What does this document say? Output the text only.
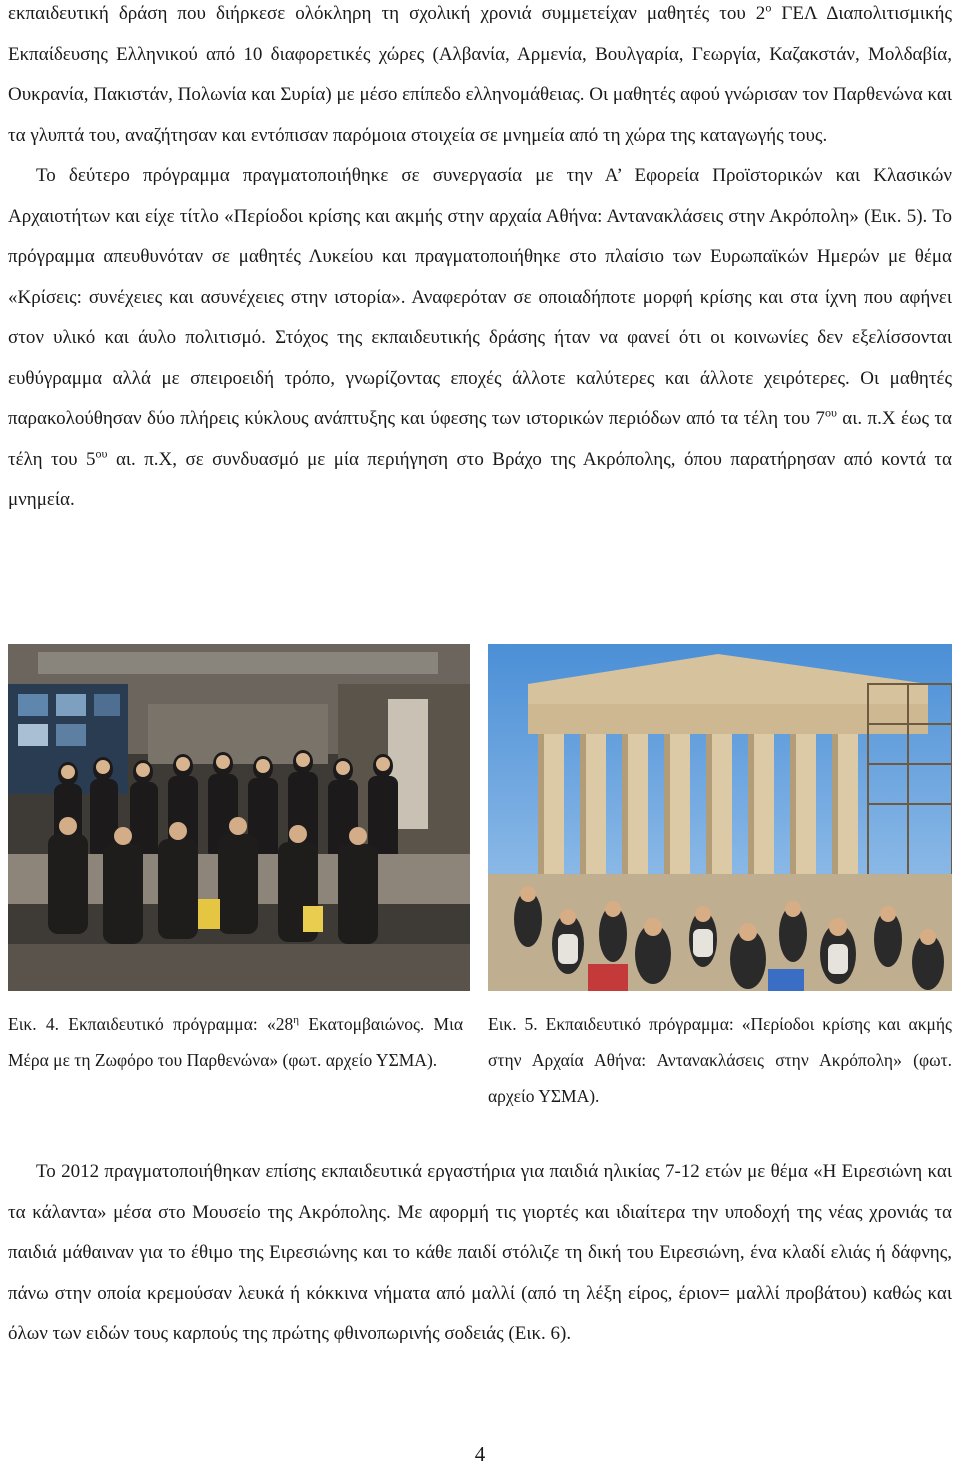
εκπαιδευτική δράση που διήρκεσε ολόκληρη τη σχολική χρονιά συμμετείχαν μαθητές του $2^o$ ΓΕΛ Διαπολιτισμικής Εκπαίδευσης Ελληνικού από 10 διαφορετικές χώρες (Αλβανία, Αρμενία, Βουλγαρία, Γεωργία, Καζακστάν, Μολδαβία, Ουκρανία, Πακιστάν, Πολωνία και Συρία) με μέσο επίπεδο ελληνομάθειας. Οι μαθητές αφού γνώρισαν τον Παρθενώνα και τα γλυπτά του, αναζήτησαν και εντόπισαν παρόμοια στοιχεία σε μνημεία από τη χώρα της καταγωγής τους.
Το δεύτερο πρόγραμμα πραγματοποιήθηκε σε συνεργασία με την Α’ Εφορεία Προϊστορικών και Κλασικών Αρχαιοτήτων και είχε τίτλο «Περίοδοι κρίσης και ακμής στην αρχαία Αθήνα: Αντανακλάσεις στην Ακρόπολη» (Εικ. 5). Το πρόγραμμα απευθυνόταν σε μαθητές Λυκείου και πραγματοποιήθηκε στο πλαίσιο των Ευρωπαϊκών Ημερών με θέμα «Κρίσεις: συνέχειες και ασυνέχειες στην ιστορία». Αναφερόταν σε οποιαδήποτε μορφή κρίσης και στα ίχνη που αφήνει στον υλικό και άυλο πολιτισμό. Στόχος της εκπαιδευτικής δράσης ήταν να φανεί ότι οι κοινωνίες δεν εξελίσσονται ευθύγραμμα αλλά με σπειροειδή τρόπο, γνωρίζοντας εποχές άλλοτε καλύτερες και άλλοτε χειρότερες. Οι μαθητές παρακολούθησαν δύο πλήρεις κύκλους ανάπτυξης και ύφεσης των ιστορικών περιόδων από τα τέλη του $7^{o\upsilon}$ αι. π.Χ έως τα τέλη του $5^{o\upsilon}$ αι. π.Χ, σε συνδυασμό με μία περιήγηση στο Βράχο της Ακρόπολης, όπου παρατήρησαν από κοντά τα μνημεία.

Εικ. 4. Εκπαιδευτικό πρόγραμμα: «$28^\eta$ Εκατομβαιώνος. Μια Μέρα με τη Ζωφόρο του Παρθενώνα» (φωτ. αρχείο ΥΣΜΑ).

Εικ. 5. Εκπαιδευτικό πρόγραμμα: «Περίοδοι κρίσης και ακμής στην Αρχαία Αθήνα: Αντανακλάσεις στην Ακρόπολη» (φωτ. αρχείο ΥΣΜΑ).

Το 2012 πραγματοποιήθηκαν επίσης εκπαιδευτικά εργαστήρια για παιδιά ηλικίας 7-12 ετών με θέμα «Η Ειρεσιώνη και τα κάλαντα» μέσα στο Μουσείο της Ακρόπολης. Με αφορμή τις γιορτές και ιδιαίτερα την υποδοχή της νέας χρονιάς τα παιδιά μάθαιναν για το έθιμο της Ειρεσιώνης και το κάθε παιδί στόλιζε τη δική του Ειρεσιώνη, ένα κλαδί ελιάς ή δάφνης, πάνω στην οποία κρεμούσαν λευκά ή κόκκινα νήματα από μαλλί (από τη λέξη είρος, έριον= μαλλί προβάτου) καθώς και όλων των ειδών τους καρπούς της πρώτης φθινοπωρινής σοδειάς (Εικ. 6).

4
